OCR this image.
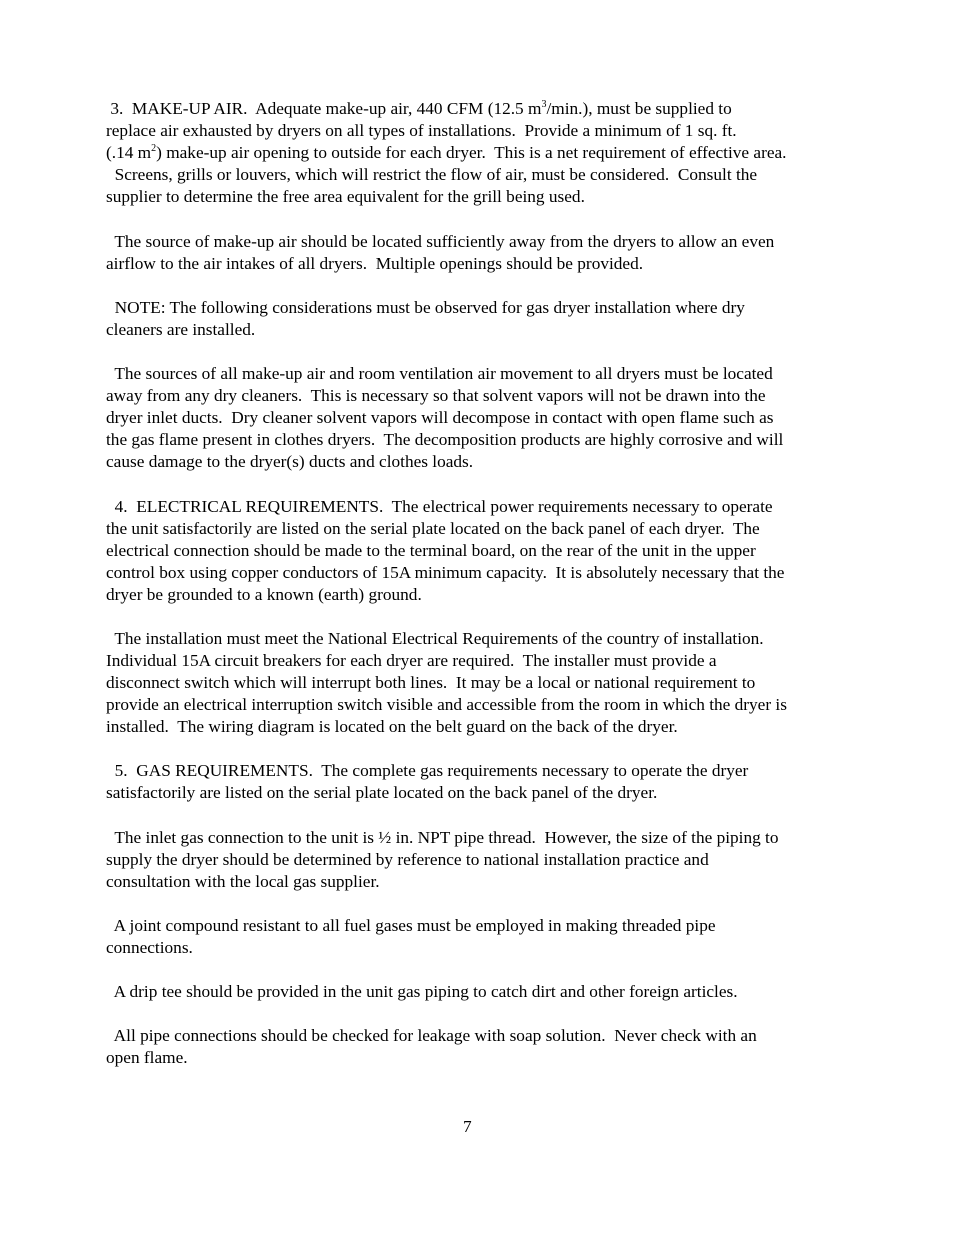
3.  MAKE-UP AIR.  Adequate make-up air, 440 CFM (12.5 $m^3/\min$.), must be supplied to
replace air exhausted by dryers on all types of installations.  Provide a minimum of 1 sq. ft.
(.14 $m^2$) make-up air opening to outside for each dryer.  This is a net requirement of effective area.
Screens, grills or louvers, which will restrict the flow of air, must be considered.  Consult the
supplier to determine the free area equivalent for the grill being used.
The source of make-up air should be located sufficiently away from the dryers to allow an even
airflow to the air intakes of all dryers.  Multiple openings should be provided.
NOTE: The following considerations must be observed for gas dryer installation where dry
cleaners are installed.
The sources of all make-up air and room ventilation air movement to all dryers must be located
away from any dry cleaners.  This is necessary so that solvent vapors will not be drawn into the
dryer inlet ducts.  Dry cleaner solvent vapors will decompose in contact with open flame such as
the gas flame present in clothes dryers.  The decomposition products are highly corrosive and will
cause damage to the dryer(s) ducts and clothes loads.
4.  ELECTRICAL REQUIREMENTS.  The electrical power requirements necessary to operate
the unit satisfactorily are listed on the serial plate located on the back panel of each dryer.  The
electrical connection should be made to the terminal board, on the rear of the unit in the upper
control box using copper conductors of 15A minimum capacity.  It is absolutely necessary that the
dryer be grounded to a known (earth) ground.
The installation must meet the National Electrical Requirements of the country of installation.
Individual 15A circuit breakers for each dryer are required.  The installer must provide a
disconnect switch which will interrupt both lines.  It may be a local or national requirement to
provide an electrical interruption switch visible and accessible from the room in which the dryer is
installed.  The wiring diagram is located on the belt guard on the back of the dryer.
5.  GAS REQUIREMENTS.  The complete gas requirements necessary to operate the dryer
satisfactorily are listed on the serial plate located on the back panel of the dryer.
The inlet gas connection to the unit is ½ in. NPT pipe thread.  However, the size of the piping to
supply the dryer should be determined by reference to national installation practice and
consultation with the local gas supplier.
A joint compound resistant to all fuel gases must be employed in making threaded pipe
connections.
A drip tee should be provided in the unit gas piping to catch dirt and other foreign articles.
All pipe connections should be checked for leakage with soap solution.  Never check with an
open flame.
7
